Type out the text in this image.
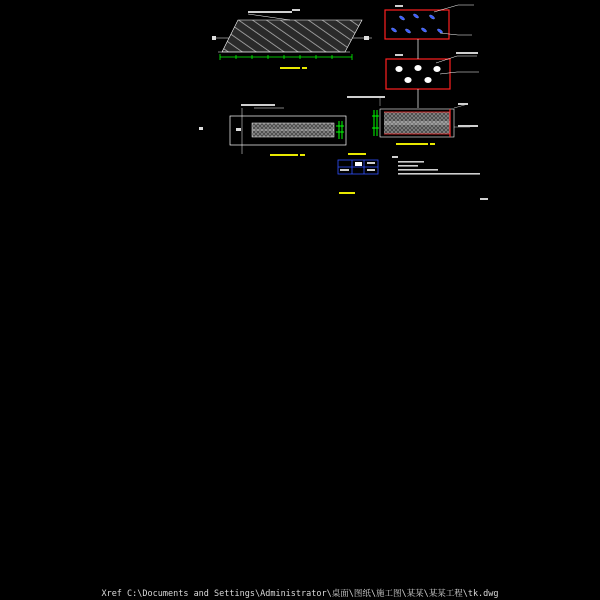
Xref C:\Documents and Settings\Administrator\桌面\图纸\施工图\某某\某某工程\tk.dwg
